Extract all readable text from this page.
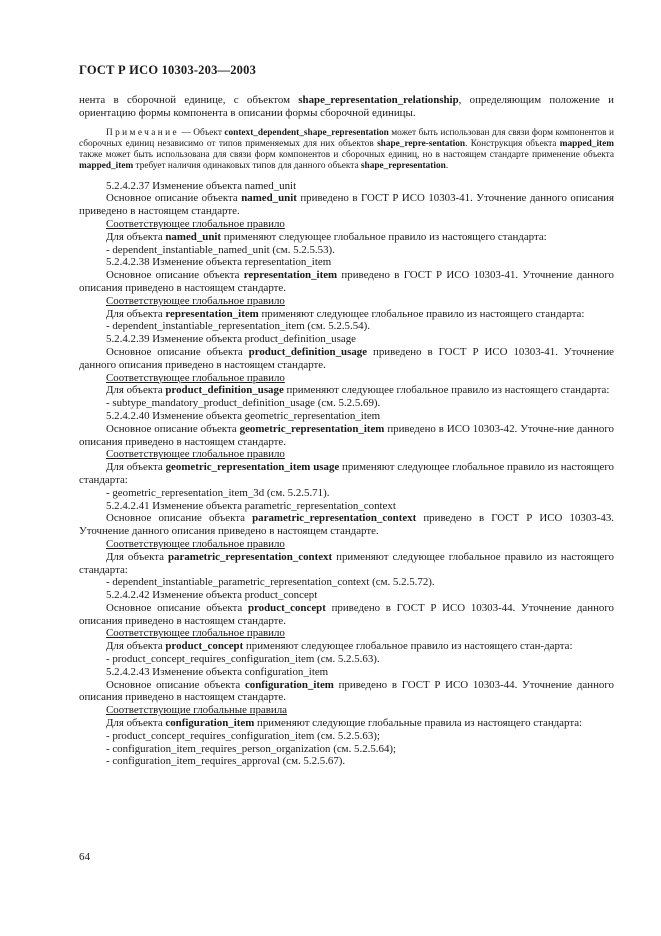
ГОСТ Р ИСО 10303-203—2003

нента в сборочной единице, с объектом shape_representation_relationship, определяющим положение и ориентацию формы компонента в описании формы сборочной единицы.

Примечание — Объект context_dependent_shape_representation может быть использован для связи форм компонентов и сборочных единиц независимо от типов применяемых для них объектов shape_repre-sentation. Конструкция объекта mapped_item также может быть использована для связи форм компонентов и сборочных единиц, но в настоящем стандарте применение объекта mapped_item требует наличия одинаковых типов для данного объекта shape_representation.

5.2.4.2.37 Изменение объекта named_unit

Основное описание объекта named_unit приведено в ГОСТ Р ИСО 10303-41. Уточнение данного описания приведено в настоящем стандарте.

Соответствующее глобальное правило

Для объекта named_unit применяют следующее глобальное правило из настоящего стандарта:

- dependent_instantiable_named_unit (см. 5.2.5.53).

5.2.4.2.38 Изменение объекта representation_item

Основное описание объекта representation_item приведено в ГОСТ Р ИСО 10303-41. Уточнение данного описания приведено в настоящем стандарте.

Соответствующее глобальное правило

Для объекта representation_item применяют следующее глобальное правило из настоящего стандарта:

- dependent_instantiable_representation_item (см. 5.2.5.54).

5.2.4.2.39 Изменение объекта product_definition_usage

Основное описание объекта product_definition_usage приведено в ГОСТ Р ИСО 10303-41. Уточнение данного описания приведено в настоящем стандарте.

Соответствующее глобальное правило

Для объекта product_definition_usage применяют следующее глобальное правило из настоящего стандарта:

- subtype_mandatory_product_definition_usage (см. 5.2.5.69).

5.2.4.2.40 Изменение объекта geometric_representation_item

Основное описание объекта geometric_representation_item приведено в ИСО 10303-42. Уточне-ние данного описания приведено в настоящем стандарте.

Соответствующее глобальное правило

Для объекта geometric_representation_item usage применяют следующее глобальное правило из настоящего стандарта:

- geometric_representation_item_3d (см. 5.2.5.71).

5.2.4.2.41 Изменение объекта parametric_representation_context

Основное описание объекта parametric_representation_context приведено в ГОСТ Р ИСО 10303-43. Уточнение данного описания приведено в настоящем стандарте.

Соответствующее глобальное правило

Для объекта parametric_representation_context применяют следующее глобальное правило из настоящего стандарта:

- dependent_instantiable_parametric_representation_context (см. 5.2.5.72).

5.2.4.2.42 Изменение объекта product_concept

Основное описание объекта product_concept приведено в ГОСТ Р ИСО 10303-44. Уточнение данного описания приведено в настоящем стандарте.

Соответствующее глобальное правило

Для объекта product_concept применяют следующее глобальное правило из настоящего стан-дарта:

- product_concept_requires_configuration_item (см. 5.2.5.63).

5.2.4.2.43 Изменение объекта configuration_item

Основное описание объекта configuration_item приведено в ГОСТ Р ИСО 10303-44. Уточнение данного описания приведено в настоящем стандарте.

Соответствующие глобальные правила

Для объекта configuration_item применяют следующие глобальные правила из настоящего стандарта:

- product_concept_requires_configuration_item (см. 5.2.5.63);

- configuration_item_requires_person_organization (см. 5.2.5.64);

- configuration_item_requires_approval (см. 5.2.5.67).

64
